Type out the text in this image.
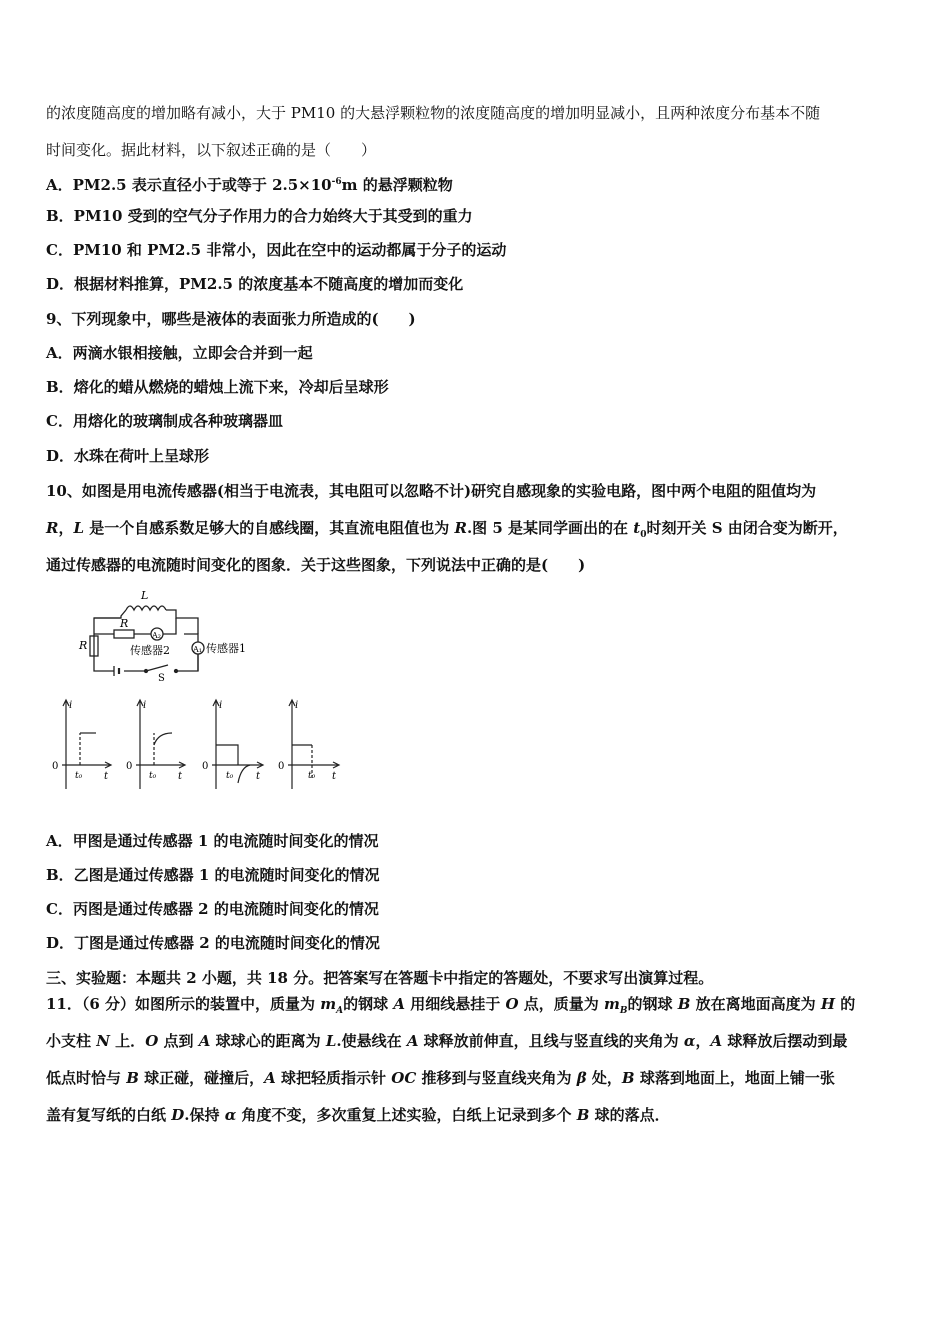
的浓度随高度的增加略有减小，大于 PM10 的大悬浮颗粒物的浓度随高度的增加明显减小，且两种浓度分布基本不随
时间变化。据此材料，以下叙述正确的是（　　）
A．PM2.5 表示直径小于或等于 $2.5\times 10^{-6}m$ 的悬浮颗粒物
B．PM10 受到的空气分子作用力的合力始终大于其受到的重力
C．PM10 和 PM2.5 非常小，因此在空中的运动都属于分子的运动
D．根据材料推算，PM2.5 的浓度基本不随高度的增加而变化
9、下列现象中，哪些是液体的表面张力所造成的(　　)
A．两滴水银相接触，立即会合并到一起
B．熔化的蜡从燃烧的蜡烛上流下来，冷却后呈球形
C．用熔化的玻璃制成各种玻璃器皿
D．水珠在荷叶上呈球形
10、如图是用电流传感器(相当于电流表，其电阻可以忽略不计)研究自感现象的实验电路，图中两个电阻的阻值均为
R，L 是一个自感系数足够大的自感线圈，其直流电阻值也为 R.图 5 是某同学画出的在 $t_0$时刻开关 S 由闭合变为断开，
通过传感器的电流随时间变化的图象．关于这些图象，下列说法中正确的是(　　)
L
R
R
A₂
A₁
传感器2	传感器1
S
i
t
t₀
i
t
t₀
i
t
t₀
i
t
t₀
0	0	0	0
A．甲图是通过传感器 1 的电流随时间变化的情况
B．乙图是通过传感器 1 的电流随时间变化的情况
C．丙图是通过传感器 2 的电流随时间变化的情况
D．丁图是通过传感器 2 的电流随时间变化的情况
三、实验题：本题共 2 小题，共 18 分。把答案写在答题卡中指定的答题处，不要求写出演算过程。
11．（6 分）如图所示的装置中，质量为 $m_A$的钢球 A 用细线悬挂于 O 点，质量为 $m_B$的钢球 B 放在离地面高度为 H 的
小支柱 N 上．O 点到 A 球球心的距离为 L.使悬线在 A 球释放前伸直，且线与竖直线的夹角为 α，A 球释放后摆动到最
低点时恰与 B 球正碰，碰撞后，A 球把轻质指示针 OC 推移到与竖直线夹角为 β 处，B 球落到地面上，地面上铺一张
盖有复写纸的白纸 D.保持 α 角度不变，多次重复上述实验，白纸上记录到多个 B 球的落点．
